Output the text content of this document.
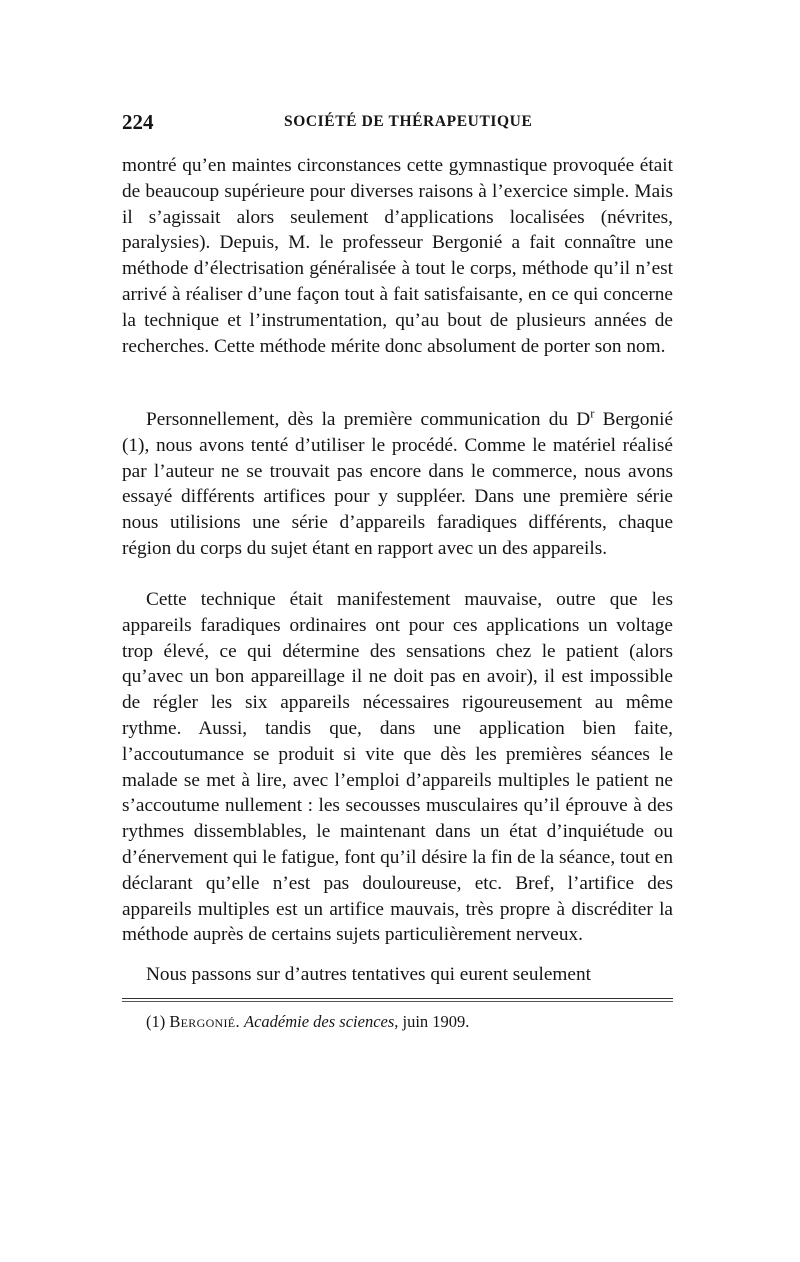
224	SOCIÉTÉ DE THÉRAPEUTIQUE
montré qu’en maintes circonstances cette gymnastique provoquée était de beaucoup supérieure pour diverses raisons à l’exercice simple. Mais il s’agissait alors seulement d’applications localisées (névrites, paralysies). Depuis, M. le professeur Bergonié a fait connaître une méthode d’électrisation généralisée à tout le corps, méthode qu’il n’est arrivé à réaliser d’une façon tout à fait satisfaisante, en ce qui concerne la technique et l’instrumentation, qu’au bout de plusieurs années de recherches. Cette méthode mérite donc absolument de porter son nom.
Personnellement, dès la première communication du $D^r$ Bergonié (1), nous avons tenté d’utiliser le procédé. Comme le matériel réalisé par l’auteur ne se trouvait pas encore dans le commerce, nous avons essayé différents artifices pour y suppléer. Dans une première série nous utilisions une série d’appareils faradiques différents, chaque région du corps du sujet étant en rapport avec un des appareils.
Cette technique était manifestement mauvaise, outre que les appareils faradiques ordinaires ont pour ces applications un voltage trop élevé, ce qui détermine des sensations chez le patient (alors qu’avec un bon appareillage il ne doit pas en avoir), il est impossible de régler les six appareils nécessaires rigoureusement au même rythme. Aussi, tandis que, dans une application bien faite, l’accoutumance se produit si vite que dès les premières séances le malade se met à lire, avec l’emploi d’appareils multiples le patient ne s’accoutume nullement : les secousses musculaires qu’il éprouve à des rythmes dissemblables, le maintenant dans un état d’inquiétude ou d’énervement qui le fatigue, font qu’il désire la fin de la séance, tout en déclarant qu’elle n’est pas douloureuse, etc. Bref, l’artifice des appareils multiples est un artifice mauvais, très propre à discréditer la méthode auprès de certains sujets particulièrement nerveux.
Nous passons sur d’autres tentatives qui eurent seulement
(1) Bergonié. Académie des sciences, juin 1909.
